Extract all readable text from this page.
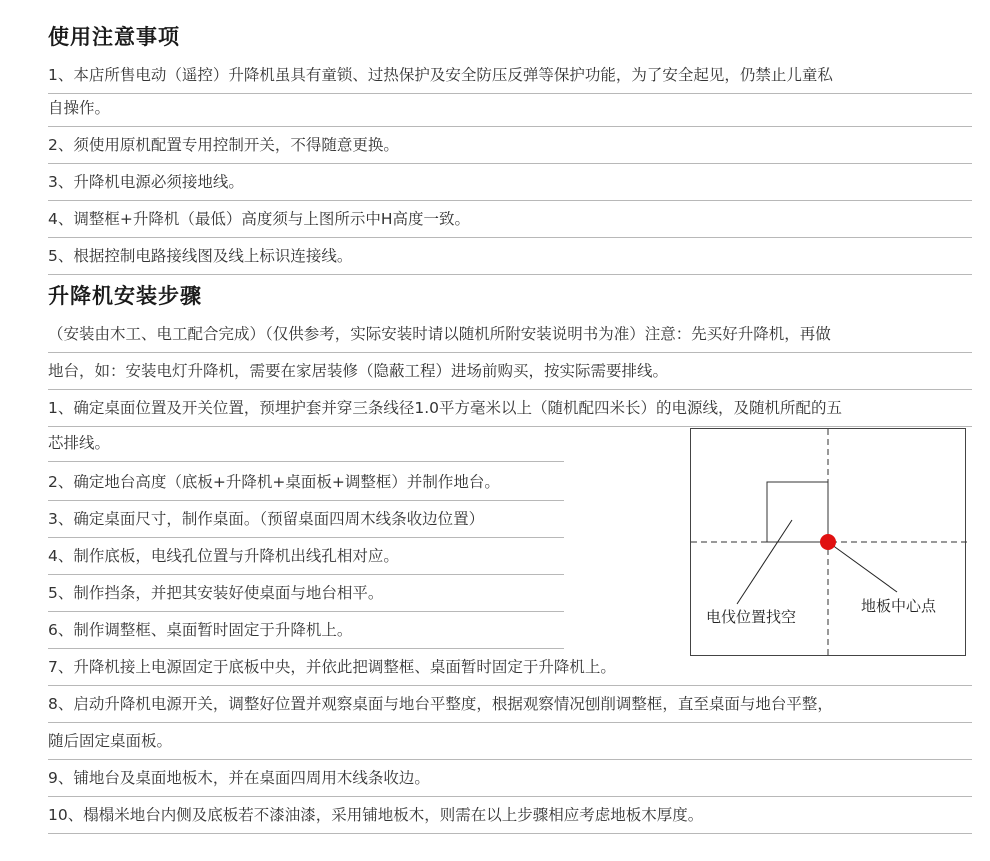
使用注意事项
1、本店所售电动（遥控）升降机虽具有童锁、过热保护及安全防压反弹等保护功能，为了安全起见，仍禁止儿童私
自操作。
2、须使用原机配置专用控制开关，不得随意更换。
3、升降机电源必须接地线。
4、调整框+升降机（最低）高度须与上图所示中H高度一致。
5、根据控制电路接线图及线上标识连接线。
升降机安装步骤
（安装由木工、电工配合完成）（仅供参考，实际安装时请以随机所附安装说明书为准）注意：先买好升降机，再做
地台，如：安装电灯升降机，需要在家居装修（隐蔽工程）进场前购买，按实际需要排线。
1、确定桌面位置及开关位置，预埋护套并穿三条线径1.0平方毫米以上（随机配四米长）的电源线，及随机所配的五
芯排线。
2、确定地台高度（底板+升降机+桌面板+调整框）并制作地台。
3、确定桌面尺寸，制作桌面。（预留桌面四周木线条收边位置）
4、制作底板，电线孔位置与升降机出线孔相对应。
5、制作挡条，并把其安装好使桌面与地台相平。
6、制作调整框、桌面暂时固定于升降机上。
7、升降机接上电源固定于底板中央，并依此把调整框、桌面暂时固定于升降机上。
8、启动升降机电源开关，调整好位置并观察桌面与地台平整度，根据观察情况刨削调整框，直至桌面与地台平整，
随后固定桌面板。
9、铺地台及桌面地板木，并在桌面四周用木线条收边。
10、榻榻米地台内侧及底板若不漆油漆，采用铺地板木，则需在以上步骤相应考虑地板木厚度。
电伐位置找空
地板中心点
